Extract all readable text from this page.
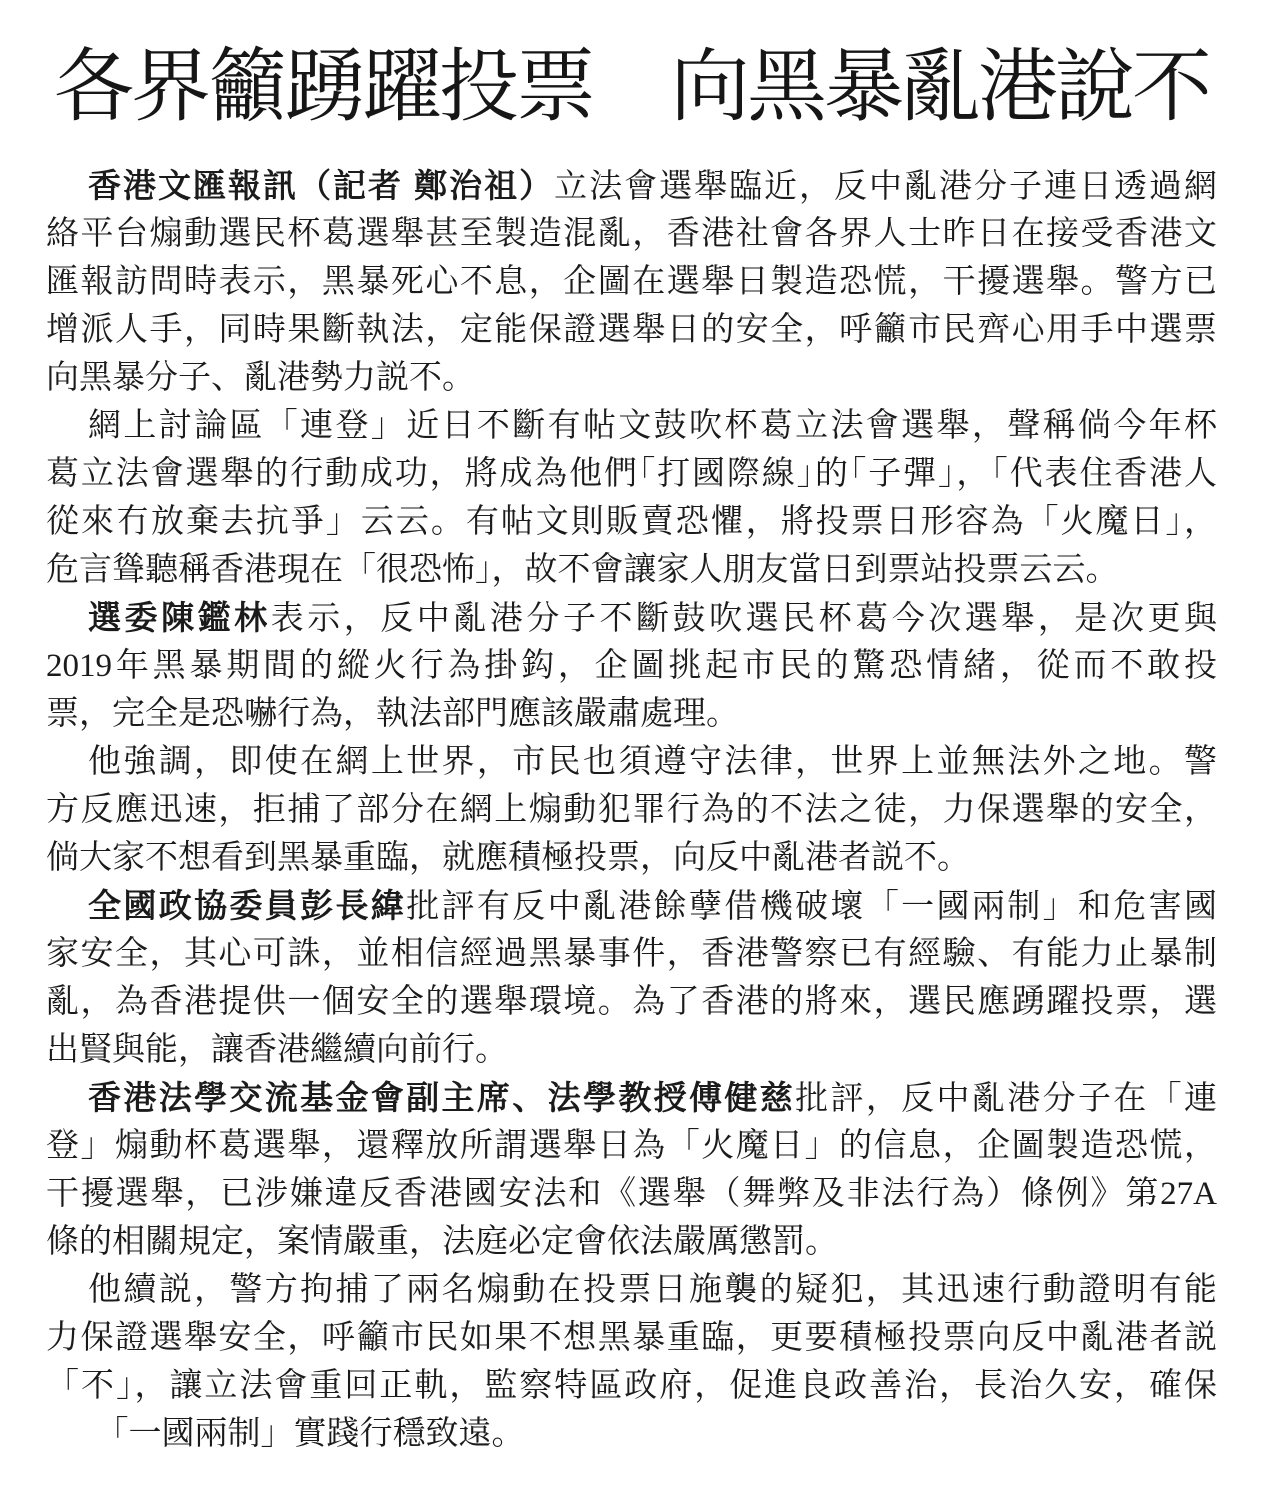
各界籲踴躍投票　向黑暴亂港說不
香港文匯報訊（記者 鄭治祖）立法會選舉臨近，反中亂港分子連日透過網
絡平台煽動選民杯葛選舉甚至製造混亂，香港社會各界人士昨日在接受香港文
匯報訪問時表示，黑暴死心不息，企圖在選舉日製造恐慌，干擾選舉。警方已
增派人手，同時果斷執法，定能保證選舉日的安全，呼籲市民齊心用手中選票
向黑暴分子、亂港勢力説不。
網上討論區「連登」近日不斷有帖文鼓吹杯葛立法會選舉，聲稱倘今年杯
葛立法會選舉的行動成功，將成為他們｢打國際線｣的｢子彈｣，「代表住香港人
從來冇放棄去抗爭」云云。有帖文則販賣恐懼，將投票日形容為「火魔日」，
危言聳聽稱香港現在「很恐怖」，故不會讓家人朋友當日到票站投票云云。
選委陳鑑林表示，反中亂港分子不斷鼓吹選民杯葛今次選舉，是次更與
2019年黑暴期間的縱火行為掛鈎，企圖挑起市民的驚恐情緒，從而不敢投
票，完全是恐嚇行為，執法部門應該嚴肅處理。
他強調，即使在網上世界，市民也須遵守法律，世界上並無法外之地。警
方反應迅速，拒捕了部分在網上煽動犯罪行為的不法之徒，力保選舉的安全，
倘大家不想看到黑暴重臨，就應積極投票，向反中亂港者説不。
全國政協委員彭長緯批評有反中亂港餘孽借機破壞「一國兩制」和危害國
家安全，其心可誅，並相信經過黑暴事件，香港警察已有經驗、有能力止暴制
亂，為香港提供一個安全的選舉環境。為了香港的將來，選民應踴躍投票，選
出賢與能，讓香港繼續向前行。
香港法學交流基金會副主席、法學教授傅健慈批評，反中亂港分子在「連
登」煽動杯葛選舉，還釋放所謂選舉日為「火魔日」的信息，企圖製造恐慌，
干擾選舉，已涉嫌違反香港國安法和《選舉（舞弊及非法行為）條例》第27A
條的相關規定，案情嚴重，法庭必定會依法嚴厲懲罰。
他續説，警方拘捕了兩名煽動在投票日施襲的疑犯，其迅速行動證明有能
力保證選舉安全，呼籲市民如果不想黑暴重臨，更要積極投票向反中亂港者説
「不」，讓立法會重回正軌，監察特區政府，促進良政善治，長治久安，確保
　　「一國兩制」實踐行穩致遠。
